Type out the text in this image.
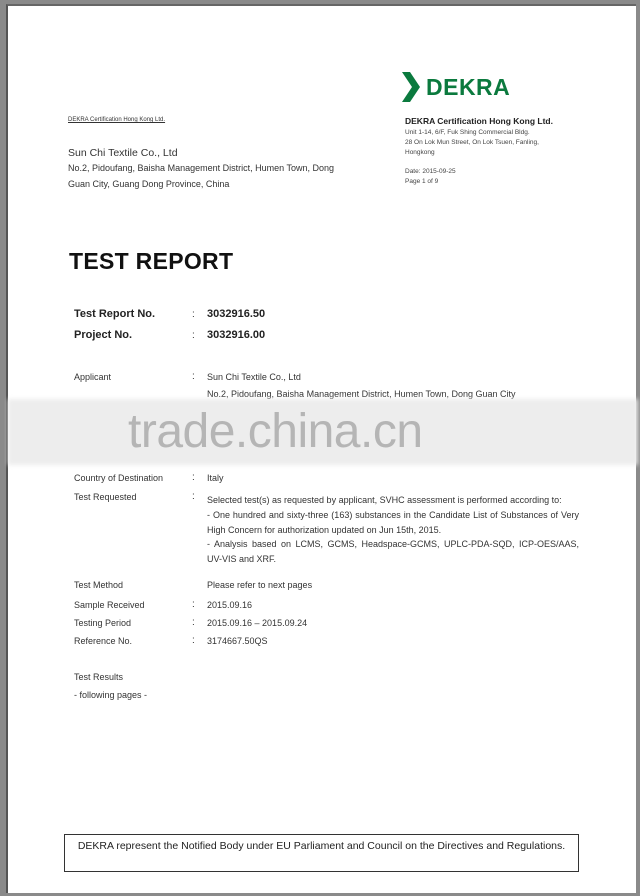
DEKRA Certification Hong Kong Ltd.
Sun Chi Textile Co., Ltd
No.2, Pidoufang, Baisha Management District, Humen Town, Dong
Guan City, Guang Dong Province, China
DEKRA
DEKRA Certification Hong Kong Ltd.
Unit 1-14, 6/F, Fuk Shing Commercial Bldg.
28 On Lok Mun Street, On Lok Tsuen, Fanling,
Hongkong
Date: 2015-09-25
Page 1 of 9
TEST REPORT
Test Report No.	: 3032916.50
Project No.	: 3032916.00
Applicant	: Sun Chi Textile Co., Ltd
No.2, Pidoufang, Baisha Management District, Humen Town, Dong Guan City
trade.china.cn
Country of Destination	: Italy
Test Requested	: Selected test(s) as requested by applicant, SVHC assessment is performed according to:
- One hundred and sixty-three (163) substances in the Candidate List of Substances of Very High Concern for authorization updated on Jun 15th, 2015.
- Analysis based on LCMS, GCMS, Headspace-GCMS, UPLC-PDA-SQD, ICP-OES/AAS, UV-VIS and XRF.
Test Method	Please refer to next pages
Sample Received	: 2015.09.16
Testing Period	: 2015.09.16 – 2015.09.24
Reference No.	: 3174667.50QS
Test Results
- following pages -
DEKRA represent the Notified Body under EU Parliament and Council on the Directives and Regulations.
